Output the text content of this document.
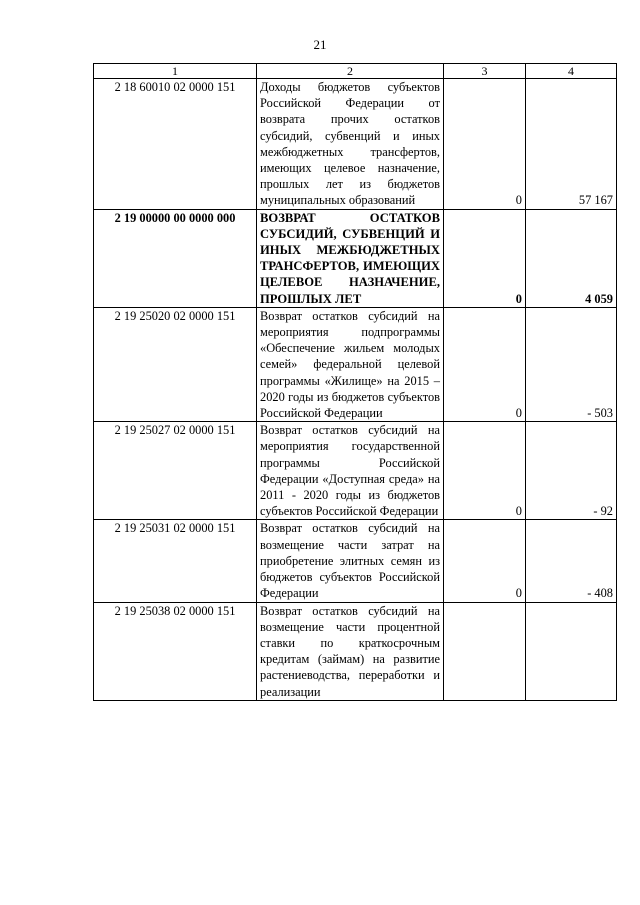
21
1	2	3	4
2 18 60010 02 0000 151	Доходы бюджетов субъектов Российской Федерации от возврата прочих остатков субсидий, субвенций и иных межбюджетных трансфертов, имеющих целевое назначение, прошлых лет из бюджетов муниципальных образований	0	57 167
2 19 00000 00 0000 000	ВОЗВРАТ ОСТАТКОВ СУБСИДИЙ, СУБВЕНЦИЙ И ИНЫХ МЕЖБЮДЖЕТНЫХ ТРАНСФЕРТОВ, ИМЕЮЩИХ ЦЕЛЕВОЕ НАЗНАЧЕНИЕ, ПРОШЛЫХ ЛЕТ	0	4 059
2 19 25020 02 0000 151	Возврат остатков субсидий на мероприятия подпрограммы «Обеспечение жильем молодых семей» федеральной целевой программы «Жилище» на 2015 – 2020 годы из бюджетов субъектов Российской Федерации	0	- 503
2 19 25027 02 0000 151	Возврат остатков субсидий на мероприятия государственной программы Российской Федерации «Доступная среда» на 2011 - 2020 годы из бюджетов субъектов Российской Федерации	0	- 92
2 19 25031 02 0000 151	Возврат остатков субсидий на возмещение части затрат на приобретение элитных семян из бюджетов субъектов Российской Федерации	0	- 408
2 19 25038 02 0000 151	Возврат остатков субсидий на возмещение части процентной ставки по краткосрочным кредитам (займам) на развитие растениеводства, переработки и реализации		
